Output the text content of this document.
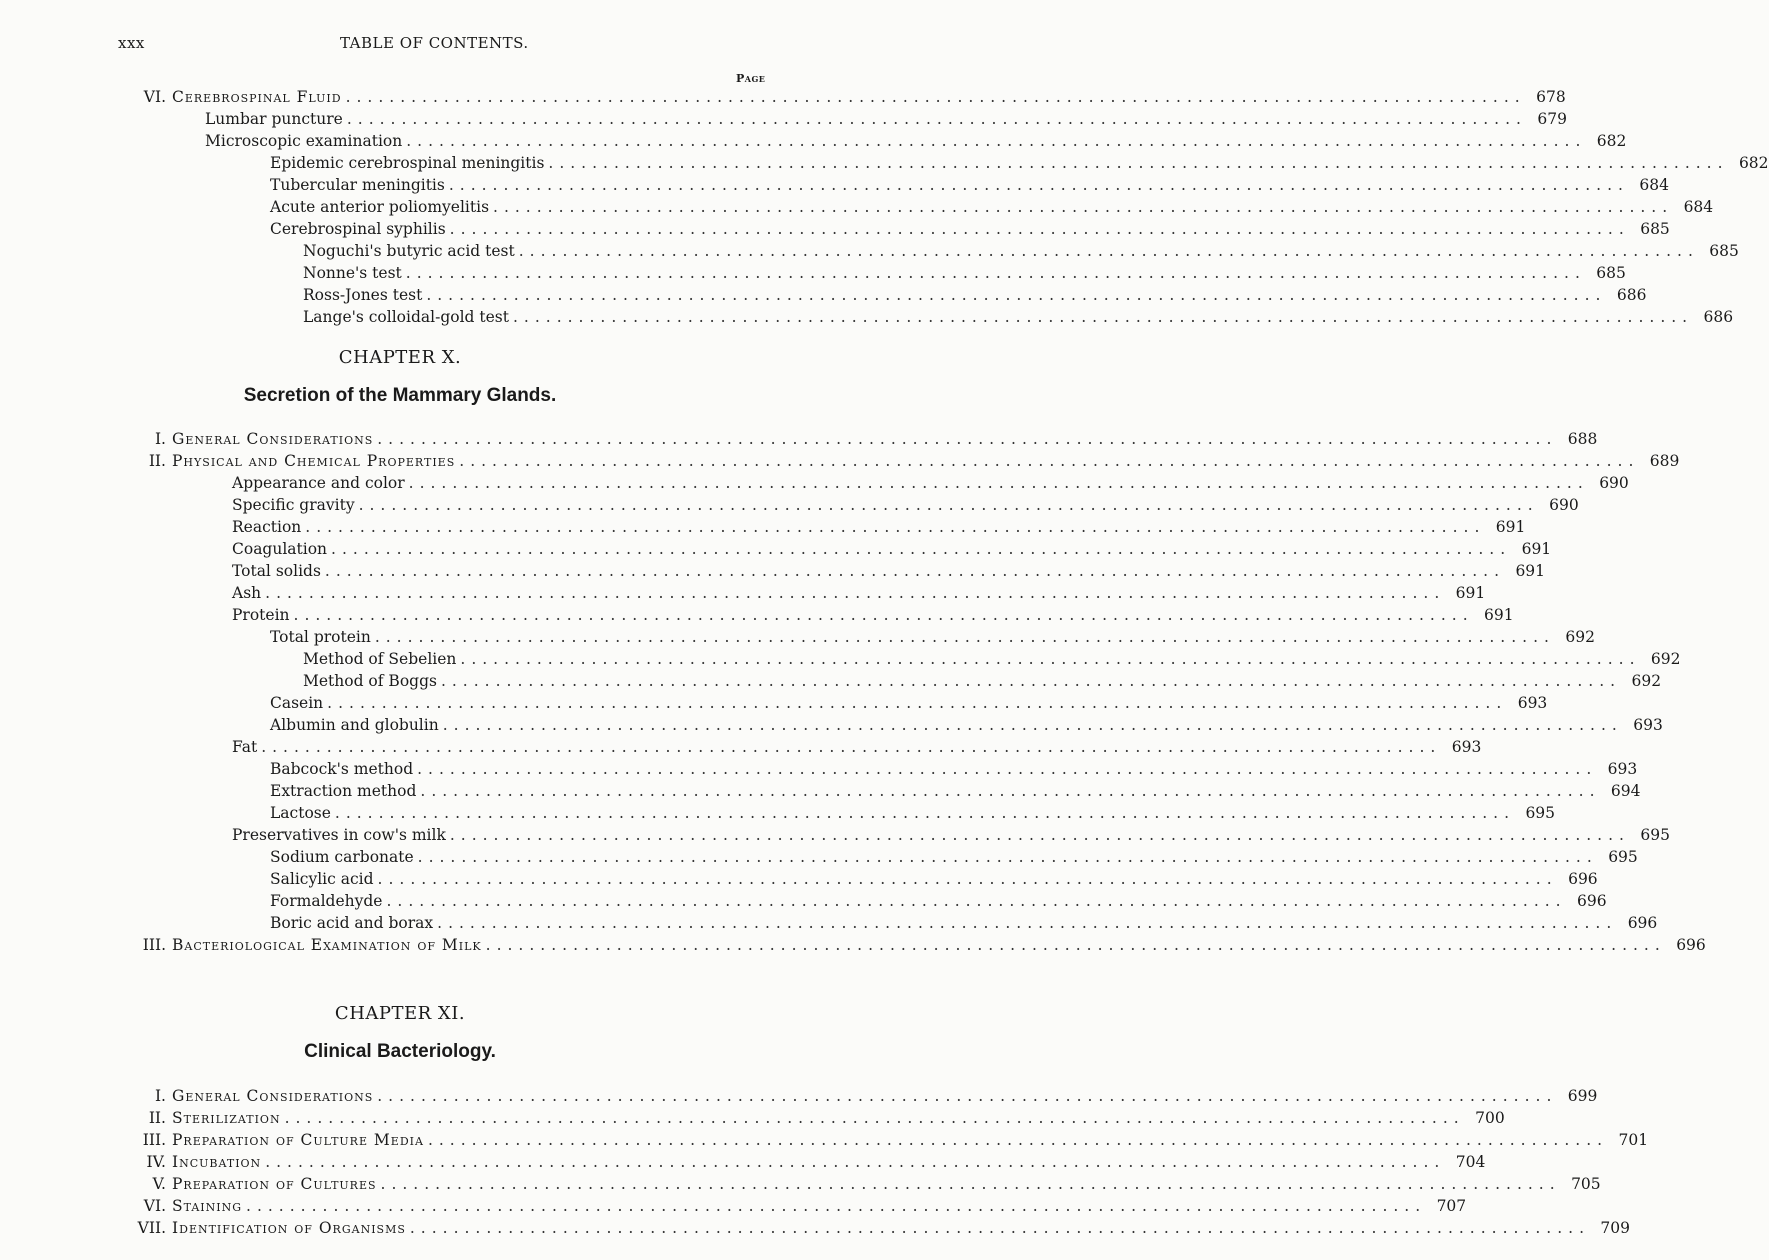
xxx	TABLE OF CONTENTS.
Page
VI. Cerebrospinal Fluid .....	678
Lumbar puncture .....	679
Microscopic examination .....	682
Epidemic cerebrospinal meningitis .....	682
Tubercular meningitis .....	684
Acute anterior poliomyelitis .....	684
Cerebrospinal syphilis .....	685
Noguchi's butyric acid test .....	685
Nonne's test .....	685
Ross-Jones test .....	686
Lange's colloidal-gold test .....	686
CHAPTER X.
Secretion of the Mammary Glands.
I. General Considerations .....	688
II. Physical and Chemical Properties .....	689
Appearance and color .....	690
Specific gravity .....	690
Reaction .....	691
Coagulation .....	691
Total solids .....	691
Ash .....	691
Protein .....	691
Total protein .....	692
Method of Sebelien .....	692
Method of Boggs .....	692
Casein .....	693
Albumin and globulin .....	693
Fat .....	693
Babcock's method .....	693
Extraction method .....	694
Lactose .....	695
Preservatives in cow's milk .....	695
Sodium carbonate .....	695
Salicylic acid .....	696
Formaldehyde .....	696
Boric acid and borax .....	696
III. Bacteriological Examination of Milk .....	696
CHAPTER XI.
Clinical Bacteriology.
I. General Considerations .....	699
II. Sterilization .....	700
III. Preparation of Culture Media .....	701
IV. Incubation .....	704
V. Preparation of Cultures .....	705
VI. Staining .....	707
VII. Identification of Organisms .....	709
